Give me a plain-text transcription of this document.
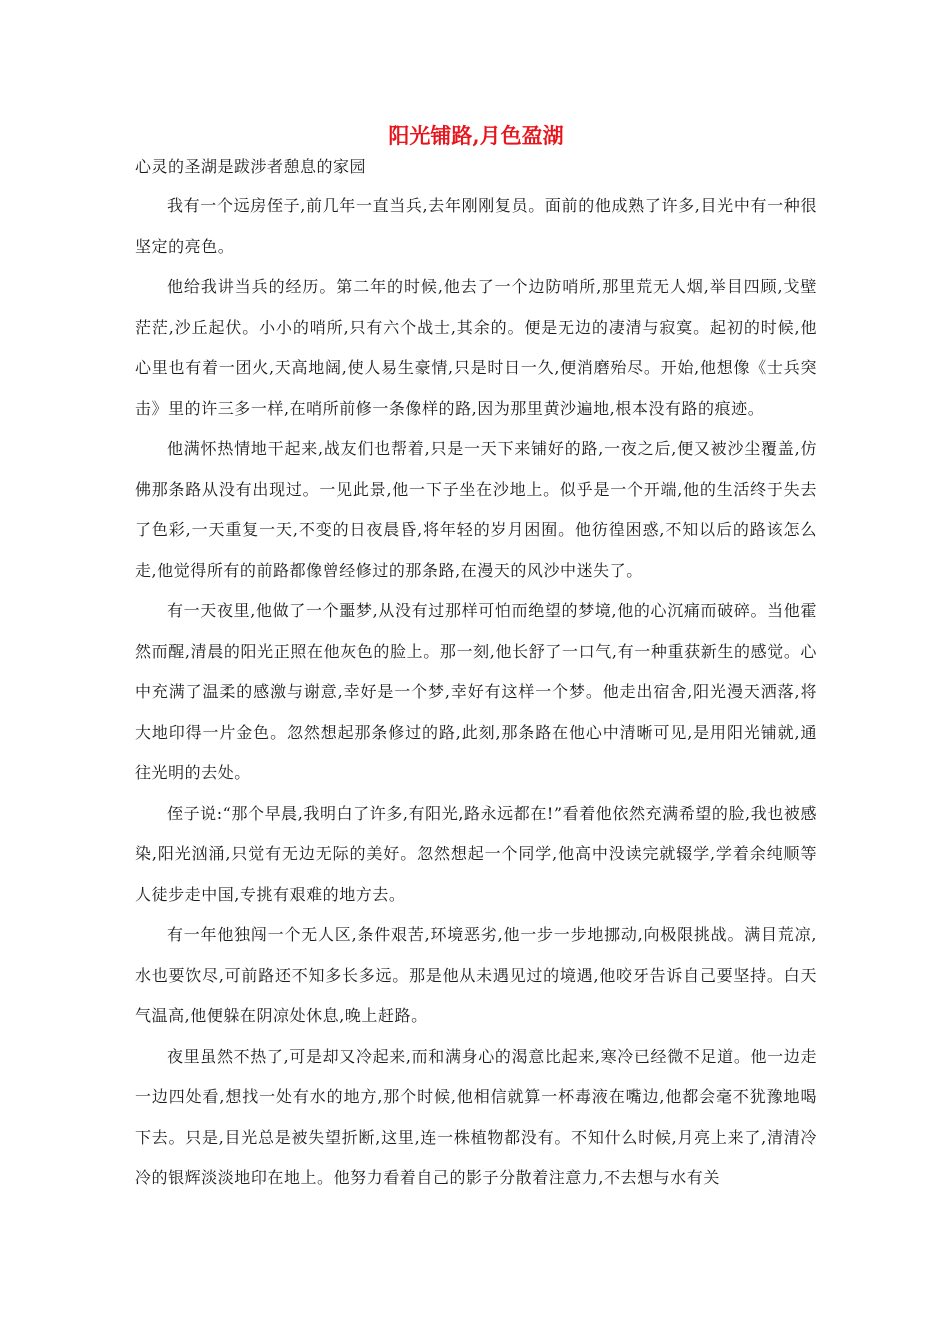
阳光铺路,月色盈湖

心灵的圣湖是跋涉者憩息的家园

我有一个远房侄子,前几年一直当兵,去年刚刚复员。面前的他成熟了许多,目光中有一种很坚定的亮色。

他给我讲当兵的经历。第二年的时候,他去了一个边防哨所,那里荒无人烟,举目四顾,戈壁茫茫,沙丘起伏。小小的哨所,只有六个战士,其余的。便是无边的凄清与寂寞。起初的时候,他心里也有着一团火,天高地阔,使人易生豪情,只是时日一久,便消磨殆尽。开始,他想像《士兵突击》里的许三多一样,在哨所前修一条像样的路,因为那里黄沙遍地,根本没有路的痕迹。

他满怀热情地干起来,战友们也帮着,只是一天下来铺好的路,一夜之后,便又被沙尘覆盖,仿佛那条路从没有出现过。一见此景,他一下子坐在沙地上。似乎是一个开端,他的生活终于失去了色彩,一天重复一天,不变的日夜晨昏,将年轻的岁月困囿。他彷徨困惑,不知以后的路该怎么走,他觉得所有的前路都像曾经修过的那条路,在漫天的风沙中迷失了。

有一天夜里,他做了一个噩梦,从没有过那样可怕而绝望的梦境,他的心沉痛而破碎。当他霍然而醒,清晨的阳光正照在他灰色的脸上。那一刻,他长舒了一口气,有一种重获新生的感觉。心中充满了温柔的感激与谢意,幸好是一个梦,幸好有这样一个梦。他走出宿舍,阳光漫天洒落,将大地印得一片金色。忽然想起那条修过的路,此刻,那条路在他心中清晰可见,是用阳光铺就,通往光明的去处。

侄子说:“那个早晨,我明白了许多,有阳光,路永远都在!”看着他依然充满希望的脸,我也被感染,阳光汹涌,只觉有无边无际的美好。忽然想起一个同学,他高中没读完就辍学,学着余纯顺等人徒步走中国,专挑有艰难的地方去。

有一年他独闯一个无人区,条件艰苦,环境恶劣,他一步一步地挪动,向极限挑战。满目荒凉,水也要饮尽,可前路还不知多长多远。那是他从未遇见过的境遇,他咬牙告诉自己要坚持。白天气温高,他便躲在阴凉处休息,晚上赶路。

夜里虽然不热了,可是却又冷起来,而和满身心的渴意比起来,寒冷已经微不足道。他一边走一边四处看,想找一处有水的地方,那个时候,他相信就算一杯毒液在嘴边,他都会毫不犹豫地喝下去。只是,目光总是被失望折断,这里,连一株植物都没有。不知什么时候,月亮上来了,清清冷冷的银辉淡淡地印在地上。他努力看着自己的影子分散着注意力,不去想与水有关
